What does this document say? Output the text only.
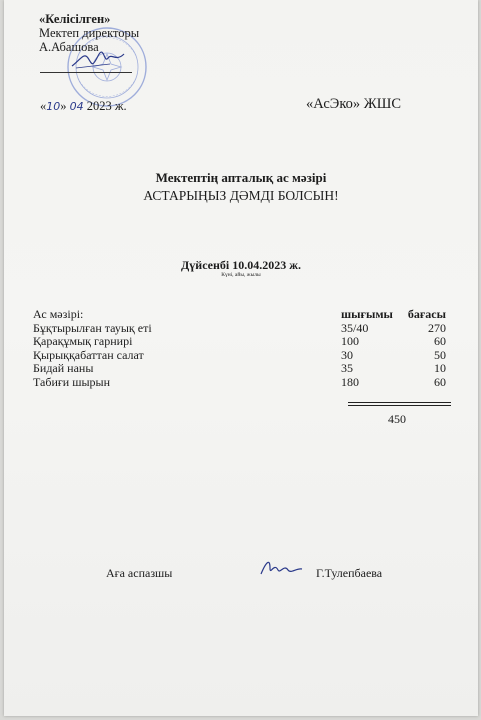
«Келісілген»
Мектеп директоры
А.Абашова
«10» 04 2023 ж.	«АсЭко» ЖШС
Мектептің апталық ас мәзірі
АСТАРЫҢЫЗ ДӘМДІ БОЛСЫН!
Дүйсенбі 10.04.2023 ж.
Күні, айы, жылы
Ас мәзірі:	шығымы бағасы
Бұқтырылған тауық еті	35/40	270
Қарақұмық гарнирі	100	60
Қырыққабаттан салат	30	50
Бидай наны	35	10
Табиғи шырын	180	60
450
Аға аспазшы	Г.Тулепбаева
